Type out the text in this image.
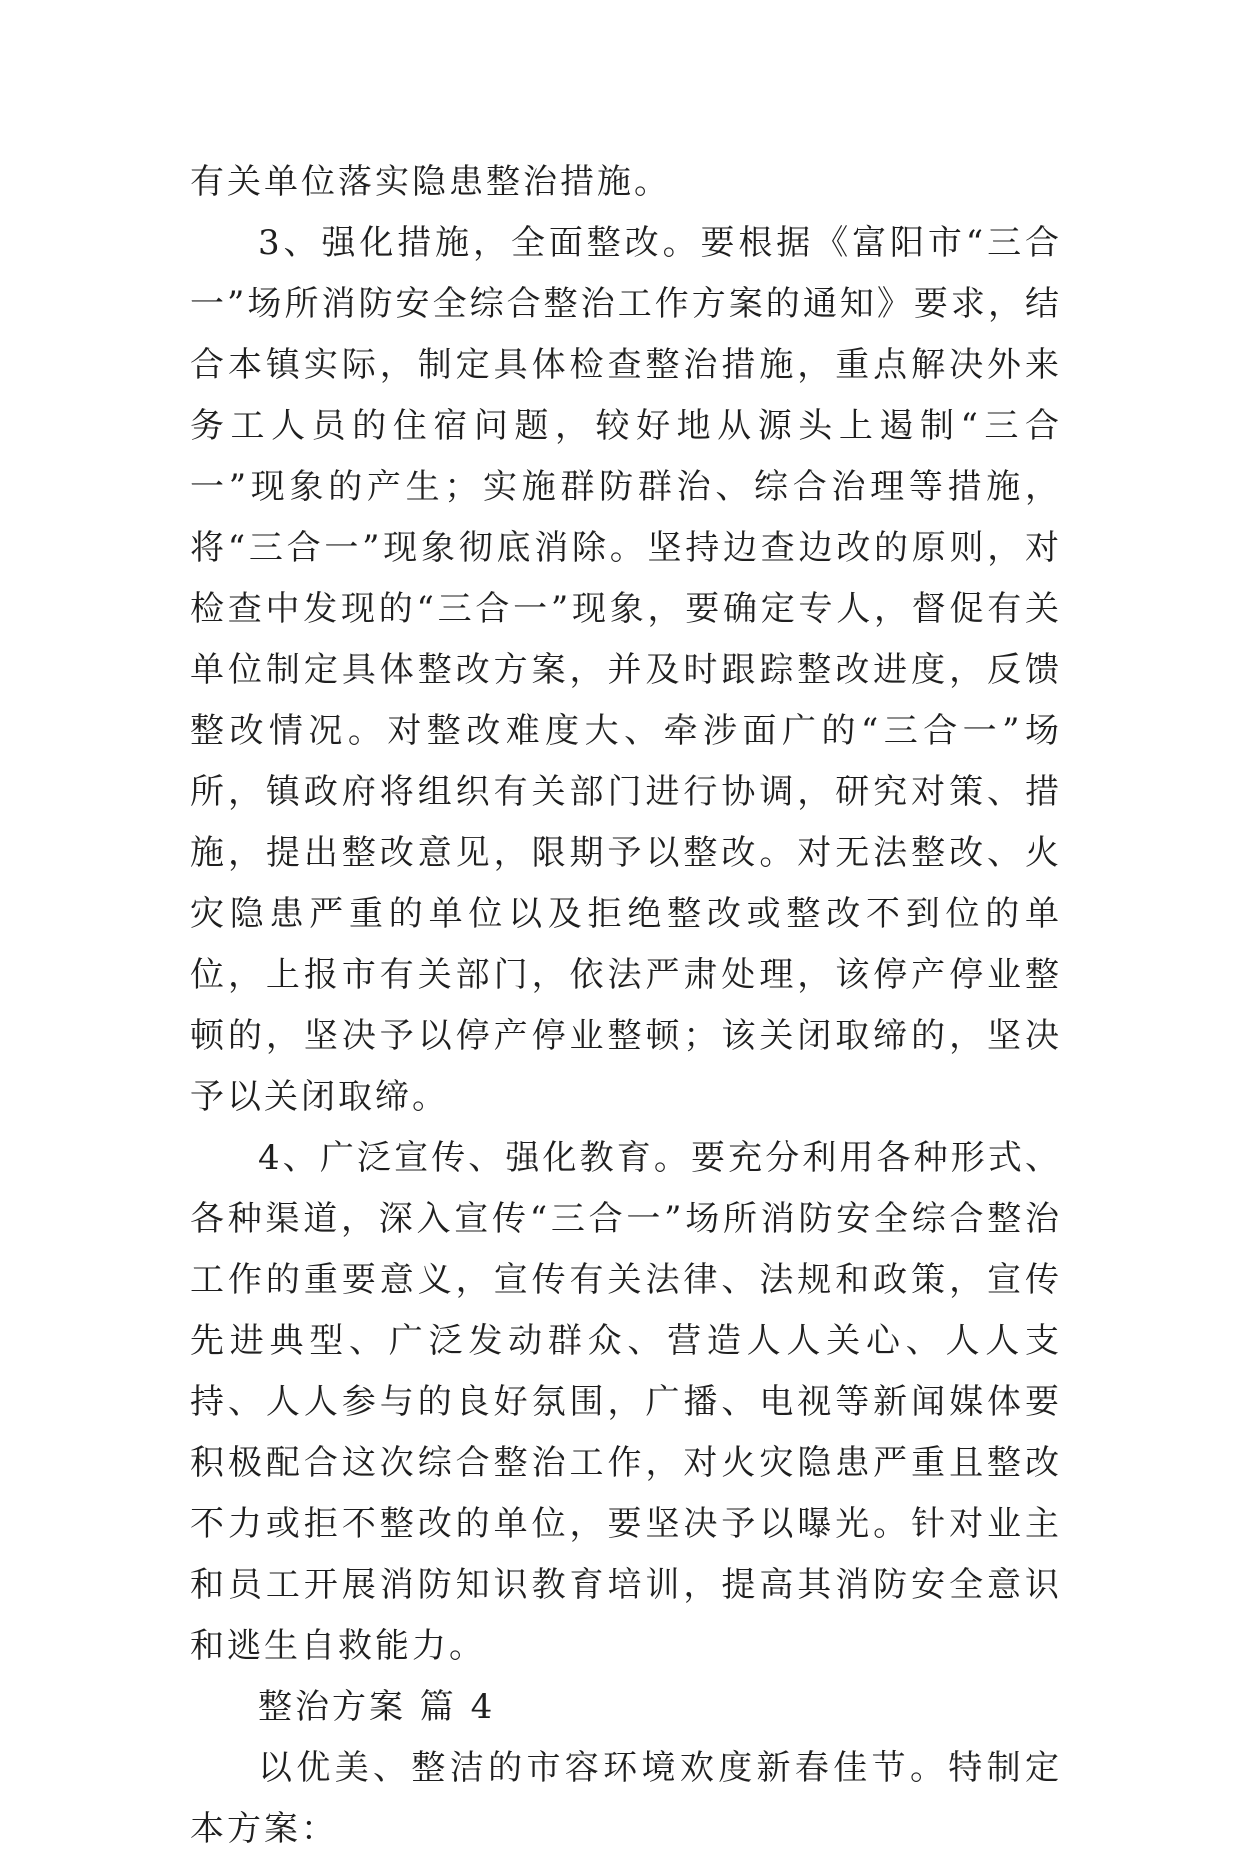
有关单位落实隐患整治措施。

3、强化措施，全面整改。要根据《富阳市“三合一”场所消防安全综合整治工作方案的通知》要求，结合本镇实际，制定具体检查整治措施，重点解决外来务工人员的住宿问题，较好地从源头上遏制“三合一”现象的产生；实施群防群治、综合治理等措施，将“三合一”现象彻底消除。坚持边查边改的原则，对检查中发现的“三合一”现象，要确定专人，督促有关单位制定具体整改方案，并及时跟踪整改进度，反馈整改情况。对整改难度大、牵涉面广的“三合一”场所，镇政府将组织有关部门进行协调，研究对策、措施，提出整改意见，限期予以整改。对无法整改、火灾隐患严重的单位以及拒绝整改或整改不到位的单位，上报市有关部门，依法严肃处理，该停产停业整顿的，坚决予以停产停业整顿；该关闭取缔的，坚决予以关闭取缔。

4、广泛宣传、强化教育。要充分利用各种形式、各种渠道，深入宣传“三合一”场所消防安全综合整治工作的重要意义，宣传有关法律、法规和政策，宣传先进典型、广泛发动群众、营造人人关心、人人支持、人人参与的良好氛围，广播、电视等新闻媒体要积极配合这次综合整治工作，对火灾隐患严重且整改不力或拒不整改的单位，要坚决予以曝光。针对业主和员工开展消防知识教育培训，提高其消防安全意识和逃生自救能力。

整治方案 篇 4

以优美、整洁的市容环境欢度新春佳节。特制定本方案：
